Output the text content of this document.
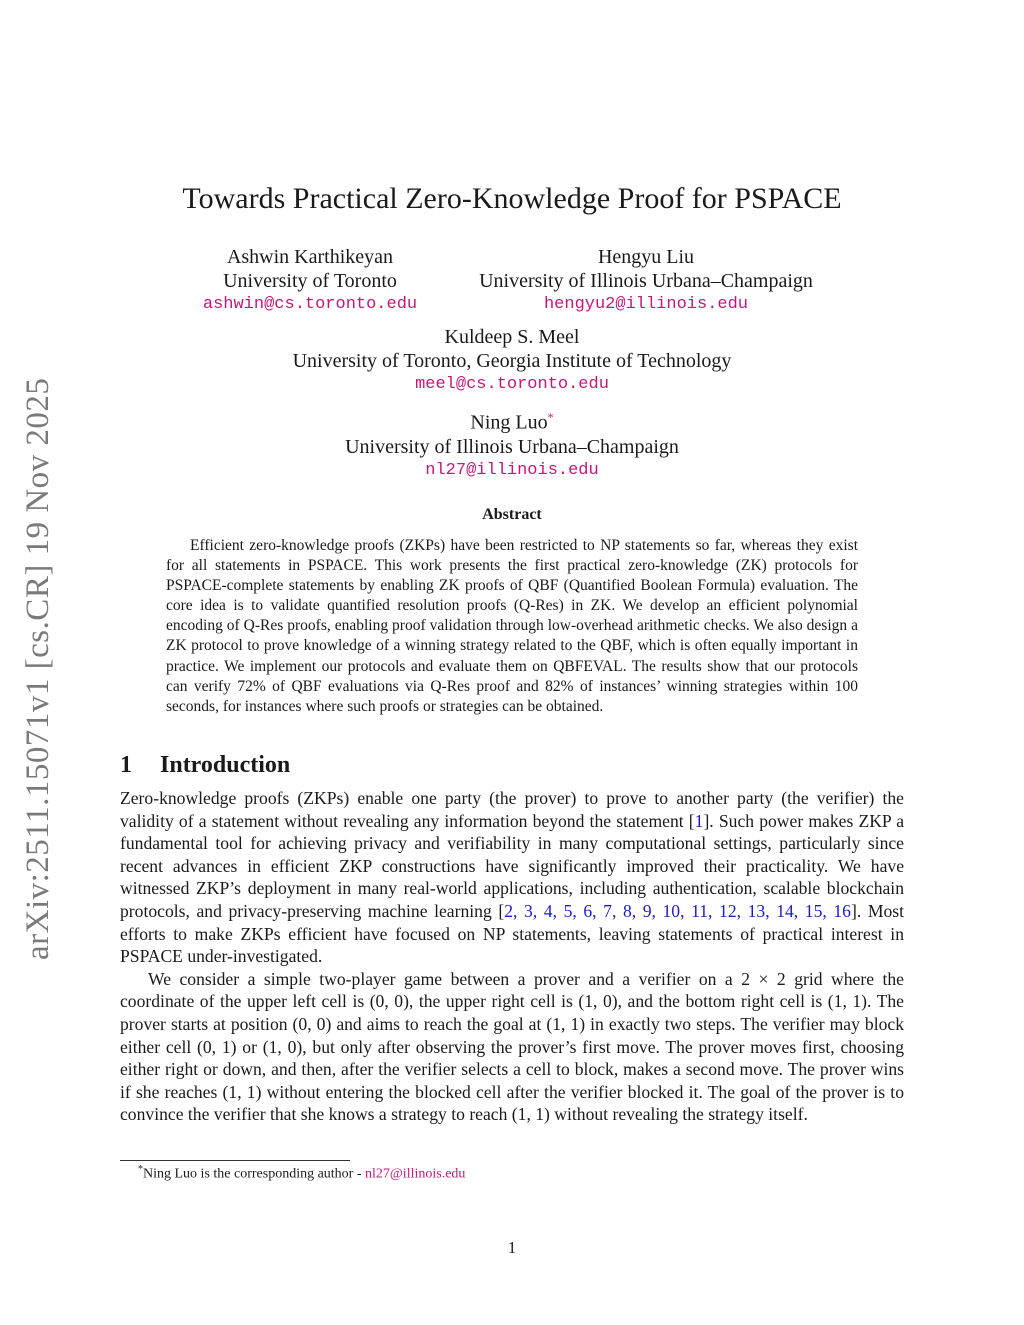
arXiv:2511.15071v1 [cs.CR] 19 Nov 2025
Towards Practical Zero-Knowledge Proof for PSPACE
Ashwin Karthikeyan
University of Toronto
ashwin@cs.toronto.edu
Hengyu Liu
University of Illinois Urbana–Champaign
hengyu2@illinois.edu
Kuldeep S. Meel
University of Toronto, Georgia Institute of Technology
meel@cs.toronto.edu
Ning Luo*
University of Illinois Urbana–Champaign
nl27@illinois.edu
Abstract
Efficient zero-knowledge proofs (ZKPs) have been restricted to NP statements so far, whereas they exist for all statements in PSPACE. This work presents the first practical zero-knowledge (ZK) protocols for PSPACE-complete statements by enabling ZK proofs of QBF (Quantified Boolean Formula) evaluation. The core idea is to validate quantified resolution proofs (Q-Res) in ZK. We develop an efficient polynomial encoding of Q-Res proofs, enabling proof validation through low-overhead arithmetic checks. We also design a ZK protocol to prove knowledge of a winning strategy related to the QBF, which is often equally important in practice. We implement our protocols and evaluate them on QBFEVAL. The results show that our protocols can verify 72% of QBF evaluations via Q-Res proof and 82% of instances’ winning strategies within 100 seconds, for instances where such proofs or strategies can be obtained.
1 Introduction

Zero-knowledge proofs (ZKPs) enable one party (the prover) to prove to another party (the verifier) the validity of a statement without revealing any information beyond the statement [1]. Such power makes ZKP a fundamental tool for achieving privacy and verifiability in many computational settings, particularly since recent advances in efficient ZKP constructions have significantly improved their practicality. We have witnessed ZKP’s deployment in many real-world applications, including authentication, scalable blockchain protocols, and privacy-preserving machine learning [2, 3, 4, 5, 6, 7, 8, 9, 10, 11, 12, 13, 14, 15, 16]. Most efforts to make ZKPs efficient have focused on NP statements, leaving statements of practical interest in PSPACE under-investigated.

We consider a simple two-player game between a prover and a verifier on a 2 × 2 grid where the coordinate of the upper left cell is (0, 0), the upper right cell is (1, 0), and the bottom right cell is (1, 1). The prover starts at position (0, 0) and aims to reach the goal at (1, 1) in exactly two steps. The verifier may block either cell (0, 1) or (1, 0), but only after observing the prover’s first move. The prover moves first, choosing either right or down, and then, after the verifier selects a cell to block, makes a second move. The prover wins if she reaches (1, 1) without entering the blocked cell after the verifier blocked it. The goal of the prover is to convince the verifier that she knows a strategy to reach (1, 1) without revealing the strategy itself.

*Ning Luo is the corresponding author - nl27@illinois.edu
1
